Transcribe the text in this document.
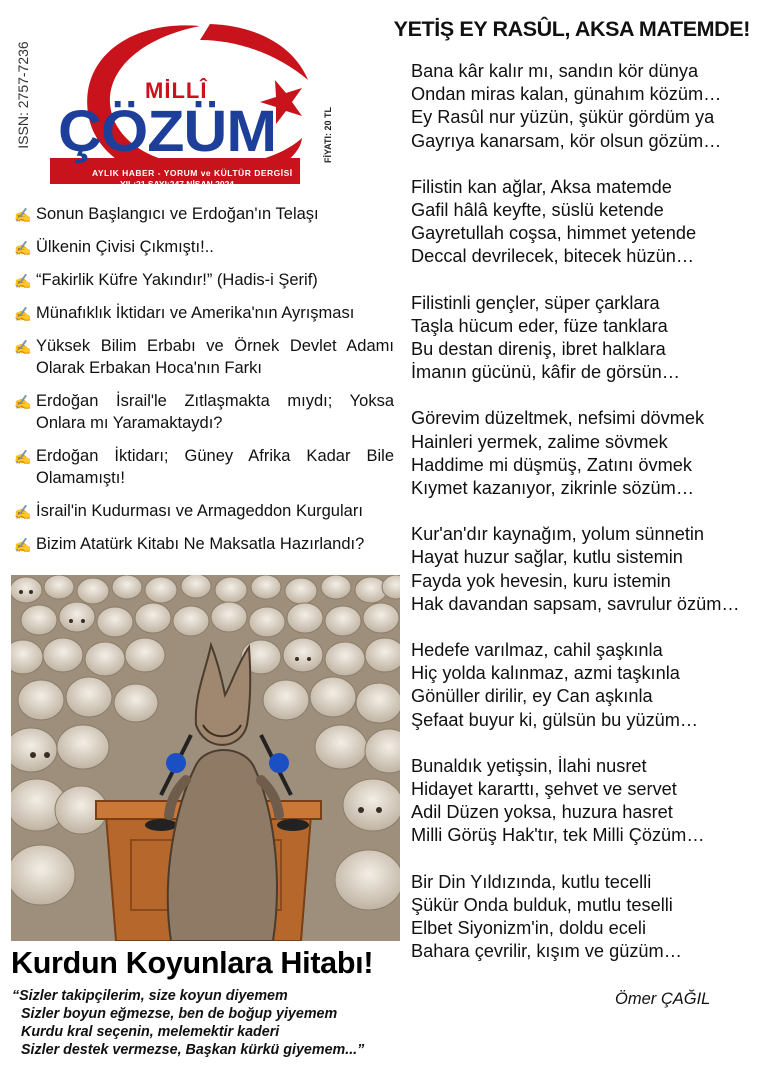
ISSN: 2757-7236	MİLLÎ
ÇÖZÜM
AYLIK HABER - YORUM ve KÜLTÜR DERGİSİ
YIL:21 SAYI:247 NİSAN 2024
FİYATI: 20 TL
✍ Sonun Başlangıcı ve Erdoğan'ın Telaşı
✍ Ülkenin Çivisi Çıkmıştı!..
✍ “Fakirlik Küfre Yakındır!” (Hadis-i Şerif)
✍ Münafıklık İktidarı ve Amerika'nın Ayrışması
✍ Yüksek Bilim Erbabı ve Örnek Devlet Adamı Olarak Erbakan Hoca'nın Farkı
✍ Erdoğan İsrail'le Zıtlaşmakta mıydı; Yoksa Onlara mı Yaramaktaydı?
✍ Erdoğan İktidarı; Güney Afrika Kadar Bile Olamamıştı!
✍ İsrail'in Kudurması ve Armageddon Kurguları
✍ Bizim Atatürk Kitabı Ne Maksatla Hazırlandı?
Kurdun Koyunlara Hitabı!
“Sizler takipçilerim, size koyun diyemem
Sizler boyun eğmezse, ben de boğup yiyemem
Kurdu kral seçenin, melemektir kaderi
Sizler destek vermezse, Başkan kürkü giyemem...”
YETİŞ EY RASÛL, AKSA MATEMDE!
Bana kâr kalır mı, sandın kör dünya
Ondan miras kalan, günahım közüm…
Ey Rasûl nur yüzün, şükür gördüm ya
Gayrıya kanarsam, kör olsun gözüm…
Filistin kan ağlar, Aksa matemde
Gafil hâlâ keyfte, süslü ketende
Gayretullah coşsa, himmet yetende
Deccal devrilecek, bitecek hüzün…
Filistinli gençler, süper çarklara
Taşla hücum eder, füze tanklara
Bu destan direniş, ibret halklara
İmanın gücünü, kâfir de görsün…
Görevim düzeltmek, nefsimi dövmek
Hainleri yermek, zalime sövmek
Haddime mi düşmüş, Zatını övmek
Kıymet kazanıyor, zikrinle sözüm…
Kur'an'dır kaynağım, yolum sünnetin
Hayat huzur sağlar, kutlu sistemin
Fayda yok hevesin, kuru istemin
Hak davandan sapsam, savrulur özüm…
Hedefe varılmaz, cahil şaşkınla
Hiç yolda kalınmaz, azmi taşkınla
Gönüller dirilir, ey Can aşkınla
Şefaat buyur ki, gülsün bu yüzüm…
Bunaldık yetişsin, İlahi nusret
Hidayet kararttı, şehvet ve servet
Adil Düzen yoksa, huzura hasret
Milli Görüş Hak'tır, tek Milli Çözüm…
Bir Din Yıldızında, kutlu tecelli
Şükür Onda bulduk, mutlu teselli
Elbet Siyonizm'in, doldu eceli
Bahara çevrilir, kışım ve güzüm…
Ömer ÇAĞIL
